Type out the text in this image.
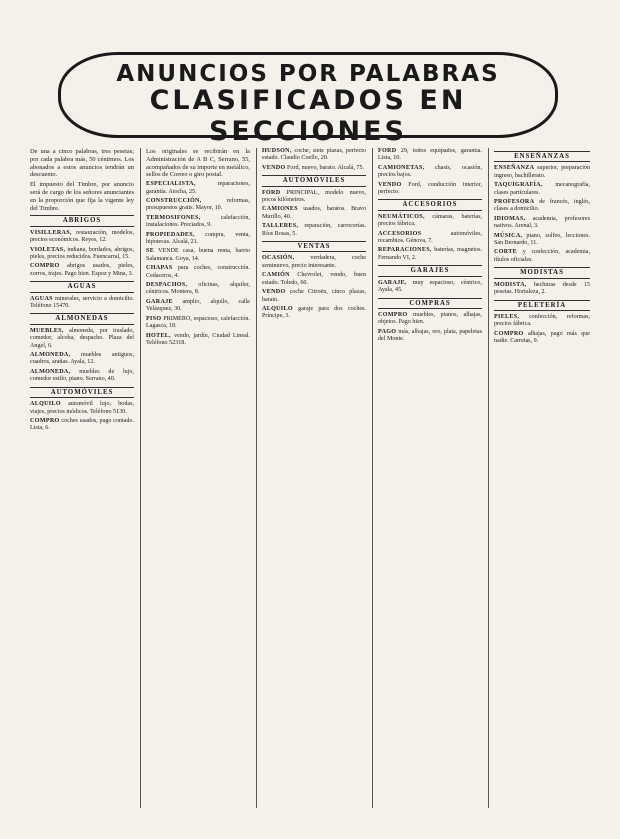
ANUNCIOS POR PALABRAS
CLASIFICADOS EN SECCIONES

De una a cinco palabras, tres pesetas; por cada palabra más, 50 céntimos. Los abonados a estos anuncios tendrán un descuento.

El impuesto del Timbre, por anuncio será de cargo de los señores anunciantes en la proporción que fija la vigente ley del Timbre.

ABRIGOS

VISILLERAS, restauración, modelos, precios económicos. Reyes, 12.

VIOLETAS, indiana, bordados, abrigos, pieles, precios reducidos. Fuencarral, 15.

COMPRO abrigos usados, pieles, zorros, trajes. Pago bien. Espoz y Mina, 3.

AGUAS

AGUAS minerales, servicio a domicilio. Teléfono 15470.

ALMONEDAS

MUEBLES, almoneda, por traslado, comedor, alcoba, despacho. Plaza del Angel, 6.

ALMONEDA, muebles antiguos, cuadros, arañas. Ayala, 12.

ALMONEDA, muebles de lujo, comedor estilo, piano. Serrano, 40.

AUTOMÓVILES

ALQUILO automóvil lujo, bodas, viajes, precios módicos. Teléfono 5130.

COMPRO coches usados, pago contado. Lista, 6.

Los originales se recibirán en la Administración de A B C, Serrano, 55, acompañados de su importe en metálico, sellos de Correo o giro postal.

ESPECIALISTA, reparaciones, garantía. Atocha, 25.

CONSTRUCCIÓN, reformas, presupuestos gratis. Mayor, 10.

TERMOSIFONES, calefacción, instalaciones. Preciados, 9.

PROPIEDADES, compra, venta, hipotecas. Alcalá, 21.

SE VENDE casa, buena renta, barrio Salamanca. Goya, 14.

CHAPAS para coches, construcción. Cedaceros, 4.

DESPACHOS, oficinas, alquiler, céntricos. Montera, 8.

GARAJE amplio, alquilo, calle Velázquez, 30.

PISO PRIMERO, espacioso, calefacción. Lagasca, 18.

HOTEL, vendo, jardín, Ciudad Lineal. Teléfono 52318.

HUDSON, coche, siete plazas, perfecto estado. Claudio Coello, 20.

VENDO Ford, nuevo, barato. Alcalá, 75.

AUTOMÓVILES

FORD PRINCIPAL, modelo nuevo, pocos kilómetros.

CAMIONES usados, baratos. Bravo Murillo, 40.

TALLERES, reparación, carrocerías. Ríos Rosas, 5.

VENTAS

OCASIÓN, verdadera, coche seminuevo, precio interesante.

CAMIÓN Chevrolet, vendo, buen estado. Toledo, 60.

VENDO coche Citroën, cinco plazas, barato.

ALQUILO garaje para dos coches. Príncipe, 3.

FORD 29, todos equipados, garantía. Lista, 10.

CAMIONETAS, chasis, ocasión, precios bajos.

VENDO Ford, conducción interior, perfecto.

ACCESORIOS

NEUMÁTICOS, cámaras, baterías, precios fábrica.

ACCESORIOS automóviles, recambios. Génova, 7.

REPARACIONES, baterías, magnetos. Fernando VI, 2.

GARAJES

GARAJE, muy espacioso, céntrico, Ayala, 45.

COMPRAS

COMPRO muebles, pianos, alhajas, objetos. Pago bien.

PAGO más, alhajas, oro, plata, papeletas del Monte.

ENSEÑANZAS

ENSEÑANZA superior, preparación ingreso, bachillerato.

TAQUIGRAFÍA, mecanografía, clases particulares.

PROFESORA de francés, inglés, clases a domicilio.

IDIOMAS, academia, profesores nativos. Arenal, 3.

MÚSICA, piano, solfeo, lecciones. San Bernardo, 11.

CORTE y confección, academia, títulos oficiales.

MODISTAS

MODISTA, hechuras desde 15 pesetas. Hortaleza, 2.

PELETERÍA

PIELES, confección, reformas, precios fábrica.

COMPRO alhajas, pago más que nadie. Carretas, 9.
